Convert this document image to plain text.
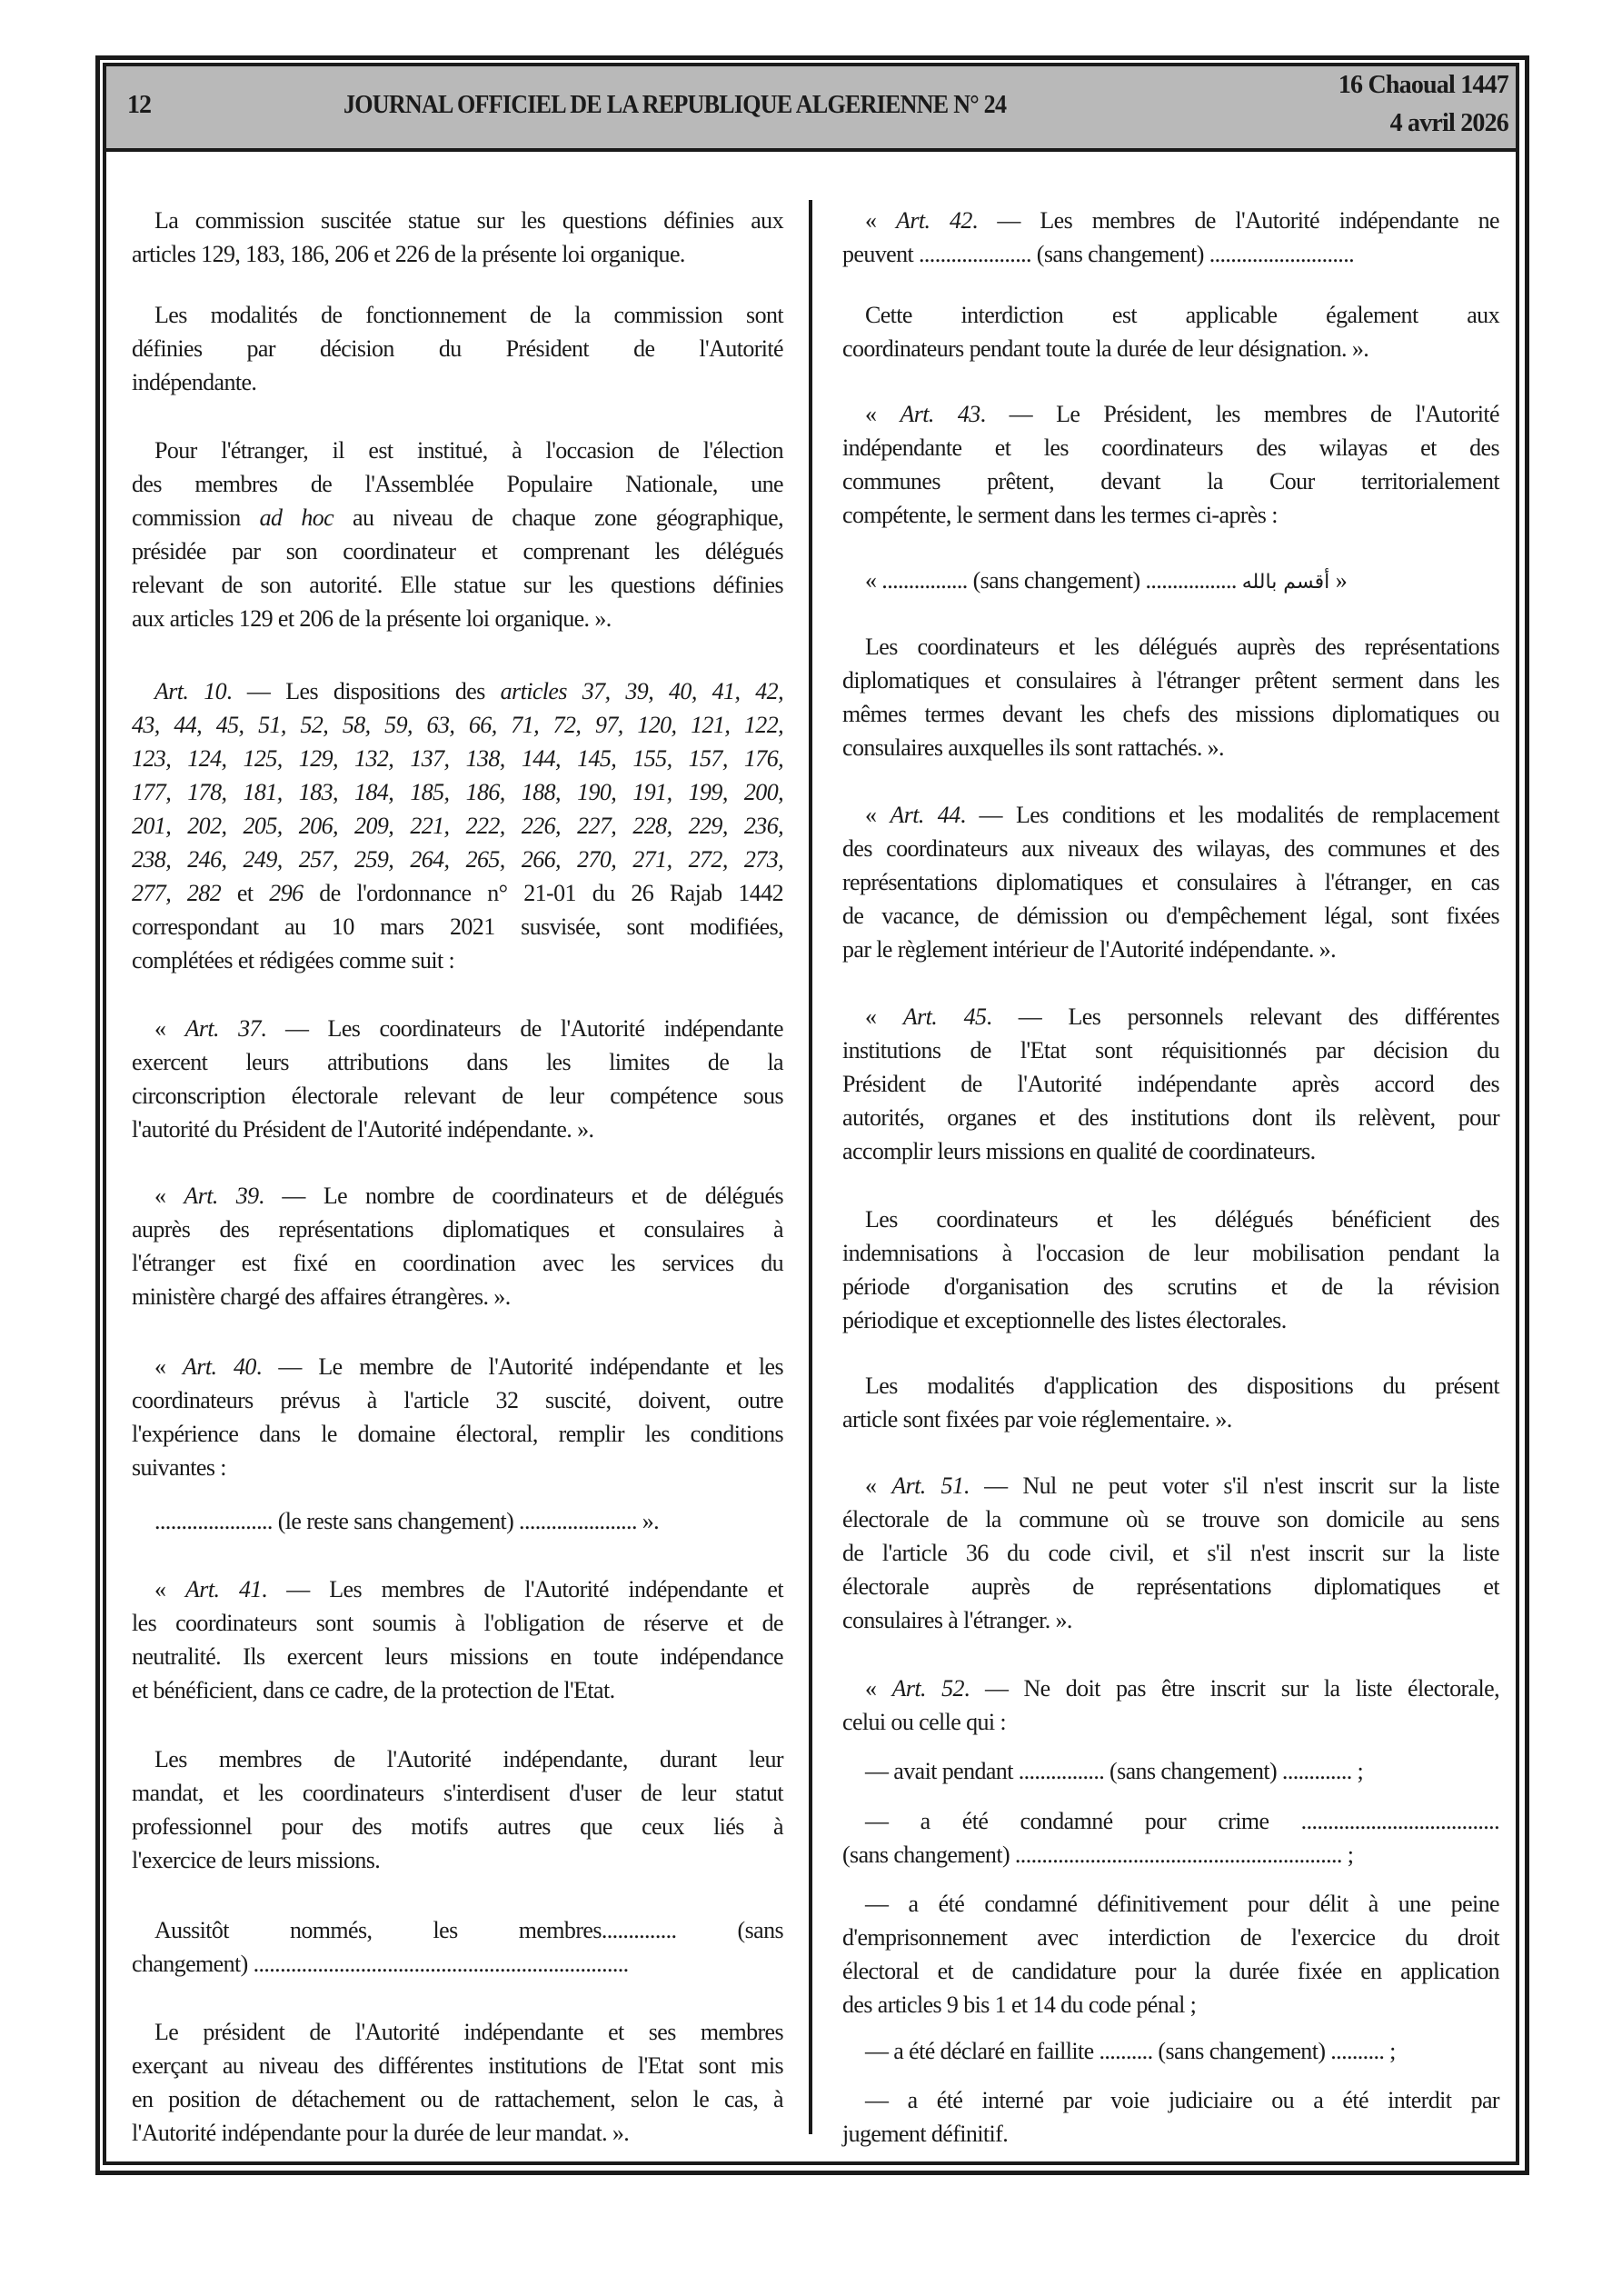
12	JOURNAL OFFICIEL DE LA REPUBLIQUE ALGERIENNE N° 24
16 Chaoual 1447
4 avril 2026
La commission suscitée statue sur les questions définies aux
articles 129, 183, 186, 206 et 226 de la présente loi organique.
Les modalités de fonctionnement de la commission sont
définies par décision du Président de l'Autorité
indépendante.
Pour l'étranger, il est institué, à l'occasion de l'élection
des membres de l'Assemblée Populaire Nationale, une
commission ad hoc au niveau de chaque zone géographique,
présidée par son coordinateur et comprenant les délégués
relevant de son autorité. Elle statue sur les questions définies
aux articles 129 et 206 de la présente loi organique. ».
Art. 10. — Les dispositions des articles 37, 39, 40, 41, 42,
43, 44, 45, 51, 52, 58, 59, 63, 66, 71, 72, 97, 120, 121, 122,
123, 124, 125, 129, 132, 137, 138, 144, 145, 155, 157, 176,
177, 178, 181, 183, 184, 185, 186, 188, 190, 191, 199, 200,
201, 202, 205, 206, 209, 221, 222, 226, 227, 228, 229, 236,
238, 246, 249, 257, 259, 264, 265, 266, 270, 271, 272, 273,
277, 282 et 296 de l'ordonnance n° 21-01 du 26 Rajab 1442
correspondant au 10 mars 2021 susvisée, sont modifiées,
complétées et rédigées comme suit :
« Art. 37. — Les coordinateurs de l'Autorité indépendante
exercent leurs attributions dans les limites de la
circonscription électorale relevant de leur compétence sous
l'autorité du Président de l'Autorité indépendante. ».
« Art. 39. — Le nombre de coordinateurs et de délégués
auprès des représentations diplomatiques et consulaires à
l'étranger est fixé en coordination avec les services du
ministère chargé des affaires étrangères. ».
« Art. 40. — Le membre de l'Autorité indépendante et les
coordinateurs prévus à l'article 32 suscité, doivent, outre
l'expérience dans le domaine électoral, remplir les conditions
suivantes :
...................... (le reste sans changement) ...................... ».
« Art. 41. — Les membres de l'Autorité indépendante et
les coordinateurs sont soumis à l'obligation de réserve et de
neutralité. Ils exercent leurs missions en toute indépendance
et bénéficient, dans ce cadre, de la protection de l'Etat.
Les membres de l'Autorité indépendante, durant leur
mandat, et les coordinateurs s'interdisent d'user de leur statut
professionnel pour des motifs autres que ceux liés à
l'exercice de leurs missions.
Aussitôt nommés, les membres.............. (sans
changement) ......................................................................
Le président de l'Autorité indépendante et ses membres
exerçant au niveau des différentes institutions de l'Etat sont mis
en position de détachement ou de rattachement, selon le cas, à
l'Autorité indépendante pour la durée de leur mandat. ».
« Art. 42. — Les membres de l'Autorité indépendante ne
peuvent ..................... (sans changement) ...........................
Cette interdiction est applicable également aux
coordinateurs pendant toute la durée de leur désignation. ».
« Art. 43. — Le Président, les membres de l'Autorité
indépendante et les coordinateurs des wilayas et des
communes prêtent, devant la Cour territorialement
compétente, le serment dans les termes ci-après :
« ................ (sans changement) ................. أقسم بالله »
Les coordinateurs et les délégués auprès des représentations
diplomatiques et consulaires à l'étranger prêtent serment dans les
mêmes termes devant les chefs des missions diplomatiques ou
consulaires auxquelles ils sont rattachés. ».
« Art. 44. — Les conditions et les modalités de remplacement
des coordinateurs aux niveaux des wilayas, des communes et des
représentations diplomatiques et consulaires à l'étranger, en cas
de vacance, de démission ou d'empêchement légal, sont fixées
par le règlement intérieur de l'Autorité indépendante. ».
« Art. 45. — Les personnels relevant des différentes
institutions de l'Etat sont réquisitionnés par décision du
Président de l'Autorité indépendante après accord des
autorités, organes et des institutions dont ils relèvent, pour
accomplir leurs missions en qualité de coordinateurs.
Les coordinateurs et les délégués bénéficient des
indemnisations à l'occasion de leur mobilisation pendant la
période d'organisation des scrutins et de la révision
périodique et exceptionnelle des listes électorales.
Les modalités d'application des dispositions du présent
article sont fixées par voie réglementaire. ».
« Art. 51. — Nul ne peut voter s'il n'est inscrit sur la liste
électorale de la commune où se trouve son domicile au sens
de l'article 36 du code civil, et s'il n'est inscrit sur la liste
électorale auprès de représentations diplomatiques et
consulaires à l'étranger. ».
« Art. 52. — Ne doit pas être inscrit sur la liste électorale,
celui ou celle qui :
— avait pendant ................ (sans changement) ............. ;
— a été condamné pour crime .....................................
(sans changement) ............................................................. ;
— a été condamné définitivement pour délit à une peine
d'emprisonnement avec interdiction de l'exercice du droit
électoral et de candidature pour la durée fixée en application
des articles 9 bis 1 et 14 du code pénal ;
— a été déclaré en faillite .......... (sans changement) .......... ;
— a été interné par voie judiciaire ou a été interdit par
jugement définitif.
